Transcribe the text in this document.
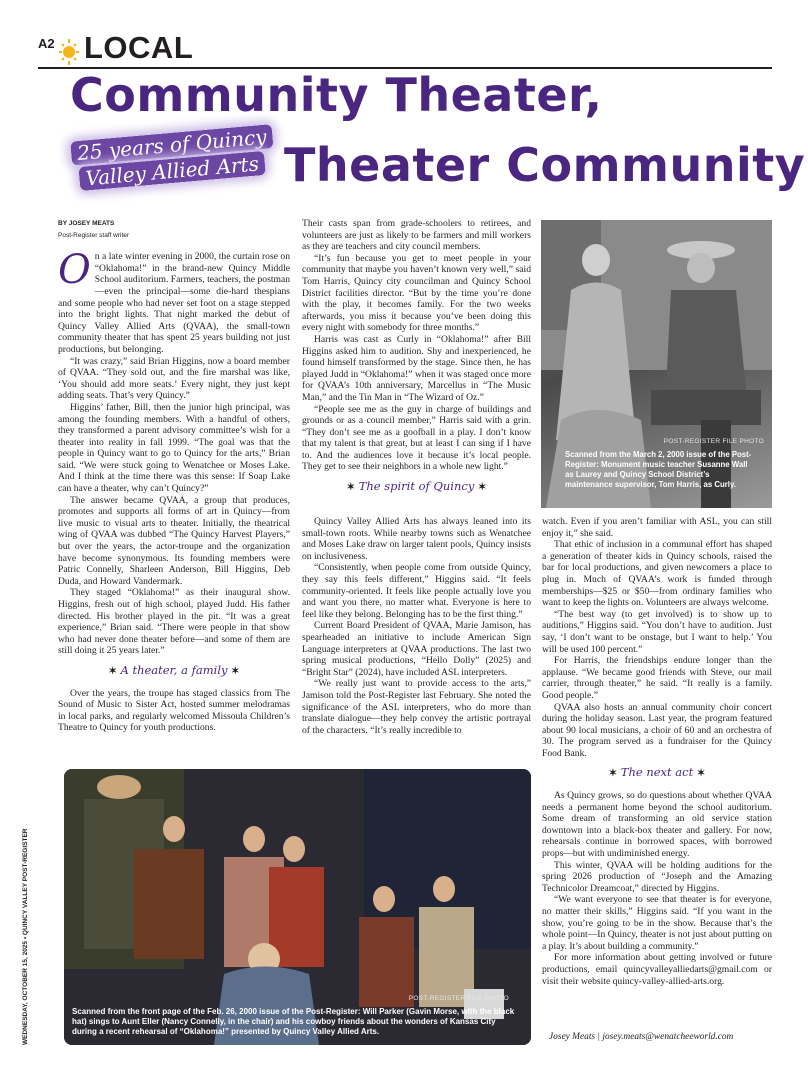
A2 LOCAL
Community Theater,
25 years of Quincy Valley Allied Arts Theater Community
BY JOSEY MEATS
Post-Register staff writer

On a late winter evening in 2000, the curtain rose on “Oklahoma!” in the brand-new Quincy Middle School auditorium. Farmers, teachers, the postman—even the principal—some die-hard thespians and some people who had never set foot on a stage stepped into the bright lights. That night marked the debut of Quincy Valley Allied Arts (QVAA), the small-town community theater that has spent 25 years building not just productions, but belonging.

“It was crazy,” said Brian Higgins, now a board member of QVAA. “They sold out, and the fire marshal was like, ‘You should add more seats.’ Every night, they just kept adding seats. That’s very Quincy.”

Higgins’ father, Bill, then the junior high principal, was among the founding members. With a handful of others, they transformed a parent advisory committee’s wish for a theater into reality in fall 1999. “The goal was that the people in Quincy want to go to Quincy for the arts,” Brian said. “We were stuck going to Wenatchee or Moses Lake. And I think at the time there was this sense: If Soap Lake can have a theater, why can’t Quincy?”

The answer became QVAA, a group that produces, promotes and supports all forms of art in Quincy—from live music to visual arts to theater. Initially, the theatrical wing of QVAA was dubbed “The Quincy Harvest Players,” but over the years, the actor-troupe and the organization have become synonymous. Its founding members were Patric Connelly, Sharleen Anderson, Bill Higgins, Deb Duda, and Howard Vandermark.

They staged “Oklahoma!” as their inaugural show. Higgins, fresh out of high school, played Judd. His father directed. His brother played in the pit. “It was a great experience,” Brian said. “There were people in that show who had never done theater before—and some of them are still doing it 25 years later.”

✶ A theater, a family ✶

Over the years, the troupe has staged classics from The Sound of Music to Sister Act, hosted summer melodramas in local parks, and regularly welcomed Missoula Children’s Theatre to Quincy for youth productions.

Their casts span from grade-schoolers to retirees, and volunteers are just as likely to be farmers and mill workers as they are teachers and city council members.

“It’s fun because you get to meet people in your community that maybe you haven’t known very well,” said Tom Harris, Quincy city councilman and Quincy School District facilities director. “But by the time you’re done with the play, it becomes family. For the two weeks afterwards, you miss it because you’ve been doing this every night with somebody for three months.”

Harris was cast as Curly in “Oklahoma!” after Bill Higgins asked him to audition. Shy and inexperienced, he found himself transformed by the stage. Since then, he has played Judd in “Oklahoma!” when it was staged once more for QVAA’s 10th anniversary, Marcellus in “The Music Man,” and the Tin Man in “The Wizard of Oz.”

“People see me as the guy in charge of buildings and grounds or as a council member,” Harris said with a grin. “They don’t see me as a goofball in a play. I don’t know that my talent is that great, but at least I can sing if I have to. And the audiences love it because it’s local people. They get to see their neighbors in a whole new light.”

✶ The spirit of Quincy ✶

Quincy Valley Allied Arts has always leaned into its small-town roots. While nearby towns such as Wenatchee and Moses Lake draw on larger talent pools, Quincy insists on inclusiveness.

“Consistently, when people come from outside Quincy, they say this feels different,” Higgins said. “It feels community-oriented. It feels like people actually love you and want you there, no matter what. Everyone is here to feel like they belong. Belonging has to be the first thing.”

Current Board President of QVAA, Marie Jamison, has spearheaded an initiative to include American Sign Language interpreters at QVAA productions. The last two spring musical productions, “Hello Dolly” (2025) and “Bright Star” (2024), have included ASL interpreters.

“We really just want to provide access to the arts,” Jamison told the Post-Register last February. She noted the significance of the ASL interpreters, who do more than translate dialogue—they help convey the artistic portrayal of the characters. “It’s really incredible to

watch. Even if you aren’t familiar with ASL, you can still enjoy it,” she said.

That ethic of inclusion in a communal effort has shaped a generation of theater kids in Quincy schools, raised the bar for local productions, and given newcomers a place to plug in. Much of QVAA’s work is funded through memberships—$25 or $50—from ordinary families who want to keep the lights on. Volunteers are always welcome.

“The best way (to get involved) is to show up to auditions,” Higgins said. “You don’t have to audition. Just say, ‘I don’t want to be onstage, but I want to help.’ You will be used 100 percent.”

For Harris, the friendships endure longer than the applause. “We became good friends with Steve, our mail carrier, through theater,” he said. “It really is a family. Good people.”

QVAA also hosts an annual community choir concert during the holiday season. Last year, the program featured about 90 local musicians, a choir of 60 and an orchestra of 30. The program served as a fundraiser for the Quincy Food Bank.

✶ The next act ✶

As Quincy grows, so do questions about whether QVAA needs a permanent home beyond the school auditorium. Some dream of transforming an old service station downtown into a black-box theater and gallery. For now, rehearsals continue in borrowed spaces, with borrowed props—but with undiminished energy.

This winter, QVAA will be holding auditions for the spring 2026 production of “Joseph and the Amazing Technicolor Dreamcoat,” directed by Higgins.

“We want everyone to see that theater is for everyone, no matter their skills,” Higgins said. “If you want in the show, you’re going to be in the show. Because that’s the whole point—In Quincy, theater is not just about putting on a play. It’s about building a community.”

For more information about getting involved or future productions, email quincyvalleyalliedarts@gmail.com or visit their website quincy-valley-allied-arts.org.

POST-REGISTER FILE PHOTO
Scanned from the March 2, 2000 issue of the Post-Register: Monument music teacher Susanne Wall as Laurey and Quincy School District’s maintenance supervisor, Tom Harris, as Curly.
POST-REGISTER FILE PHOTO
Scanned from the front page of the Feb. 26, 2000 issue of the Post-Register: Will Parker (Gavin Morse, with the black hat) sings to Aunt Eller (Nancy Connelly, in the chair) and his cowboy friends about the wonders of Kansas City during a recent rehearsal of “Oklahoma!” presented by Quincy Valley Allied Arts.
WEDNESDAY, OCTOBER 15, 2025 • QUINCY VALLEY POST-REGISTER	Josey Meats | josey.meats@wenatcheeworld.com
